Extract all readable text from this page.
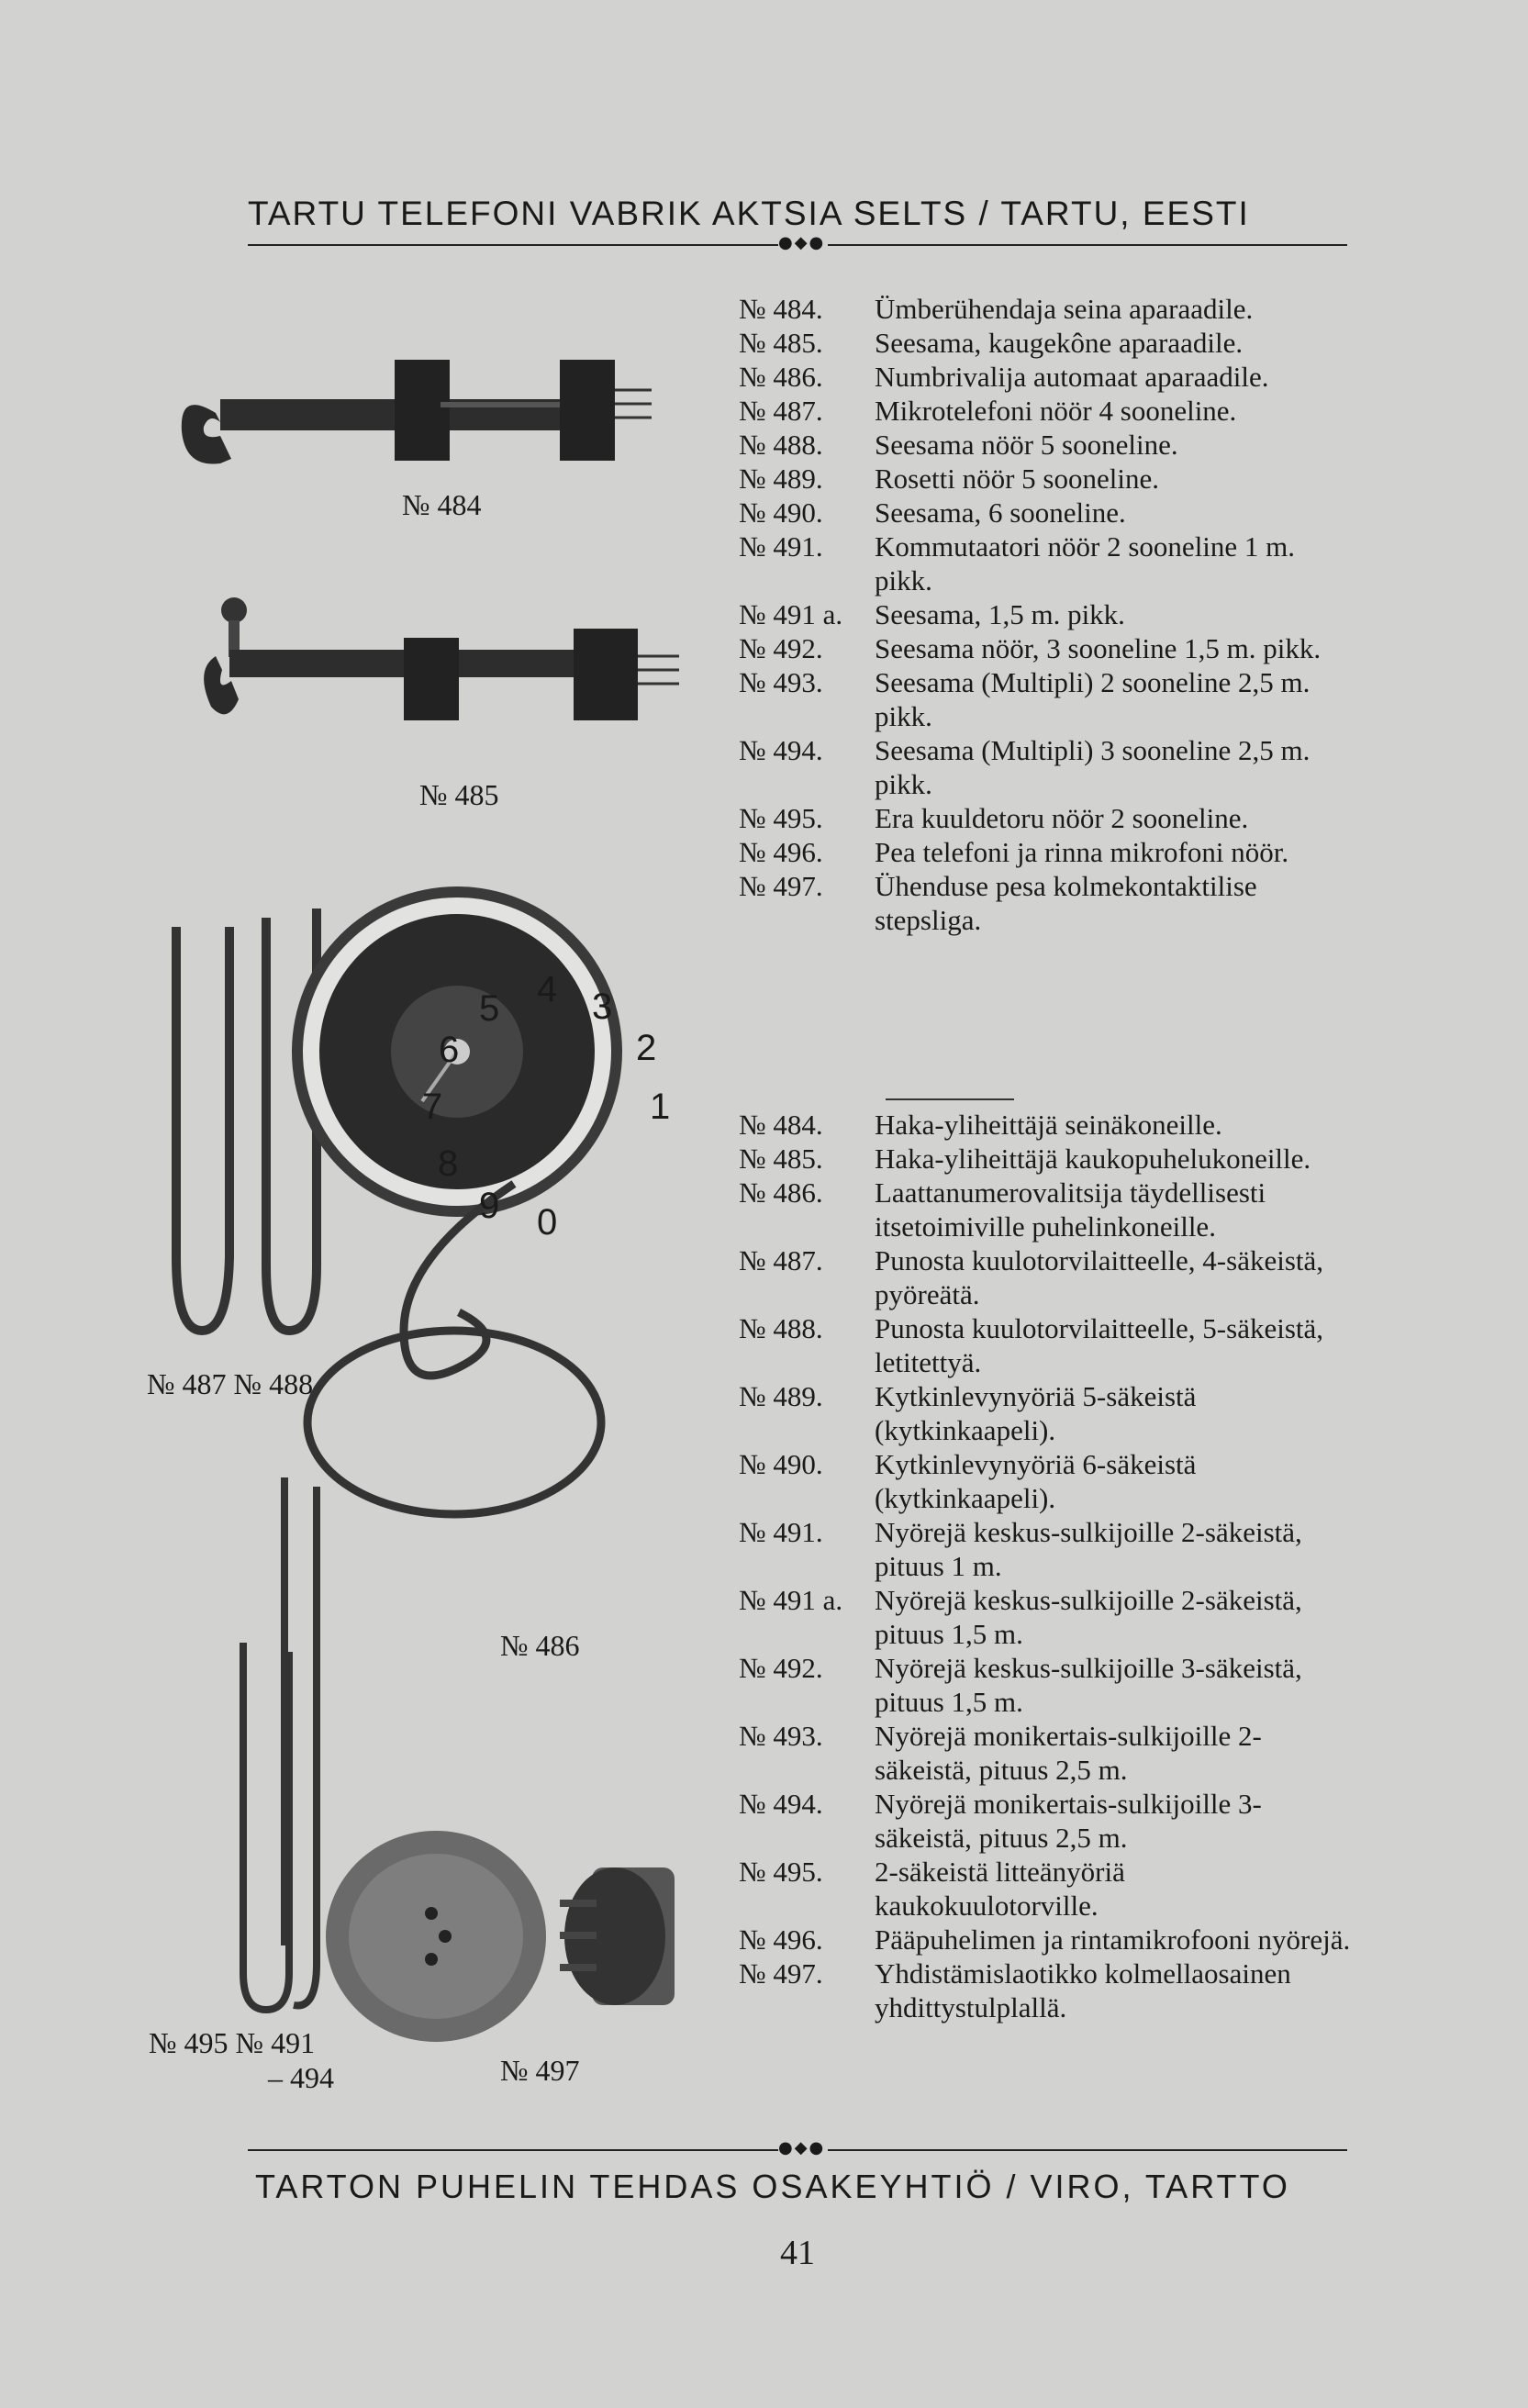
TARTU TELEFONI VABRIK AKTSIA SELTS / TARTU, EESTI
●◆●
1
2
3
4
5
6
7
8
9 0
№ 484
№ 485
№ 487 № 488
№ 486
№ 495 № 491
– 494	№ 497
№ 484.	Ümberühendaja seina aparaadile.
№ 485.	Seesama, kaugekône aparaadile.
№ 486.	Numbrivalija automaat aparaadile.
№ 487.	Mikrotelefoni nöör 4 sooneline.
№ 488.	Seesama nöör 5 sooneline.
№ 489.	Rosetti nöör 5 sooneline.
№ 490.	Seesama, 6 sooneline.
№ 491.	Kommutaatori nöör 2 sooneline 1 m. pikk.
№ 491 a.	Seesama, 1,5 m. pikk.
№ 492.	Seesama nöör, 3 sooneline 1,5 m. pikk.
№ 493.	Seesama (Multipli) 2 sooneline 2,5 m. pikk.
№ 494.	Seesama (Multipli) 3 sooneline 2,5 m. pikk.
№ 495.	Era kuuldetoru nöör 2 sooneline.
№ 496.	Pea telefoni ja rinna mikrofoni nöör.
№ 497.	Ühenduse pesa kolmekontaktilise stepsliga.
№ 484.	Haka-yliheittäjä seinäkoneille.
№ 485.	Haka-yliheittäjä kaukopuhelukoneille.
№ 486.	Laattanumerovalitsija täydellisesti itsetoimiville puhelinkoneille.
№ 487.	Punosta kuulotorvilaitteelle, 4-säkeistä, pyöreätä.
№ 488.	Punosta kuulotorvilaitteelle, 5-säkeistä, letitettyä.
№ 489.	Kytkinlevynyöriä 5-säkeistä (kytkinkaapeli).
№ 490.	Kytkinlevynyöriä 6-säkeistä (kytkinkaapeli).
№ 491.	Nyörejä keskus-sulkijoille 2-säkeistä, pituus 1 m.
№ 491 a.	Nyörejä keskus-sulkijoille 2-säkeistä, pituus 1,5 m.
№ 492.	Nyörejä keskus-sulkijoille 3-säkeistä, pituus 1,5 m.
№ 493.	Nyörejä monikertais-sulkijoille 2-säkeistä, pituus 2,5 m.
№ 494.	Nyörejä monikertais-sulkijoille 3-säkeistä, pituus 2,5 m.
№ 495.	2-säkeistä litteänyöriä kaukokuulotorville.
№ 496.	Pääpuhelimen ja rintamikrofooni nyörejä.
№ 497.	Yhdistämislaotikko kolmellaosainen yhdittystulplallä.
●◆●
TARTON PUHELIN TEHDAS OSAKEYHTIÖ / VIRO, TARTTO
41
